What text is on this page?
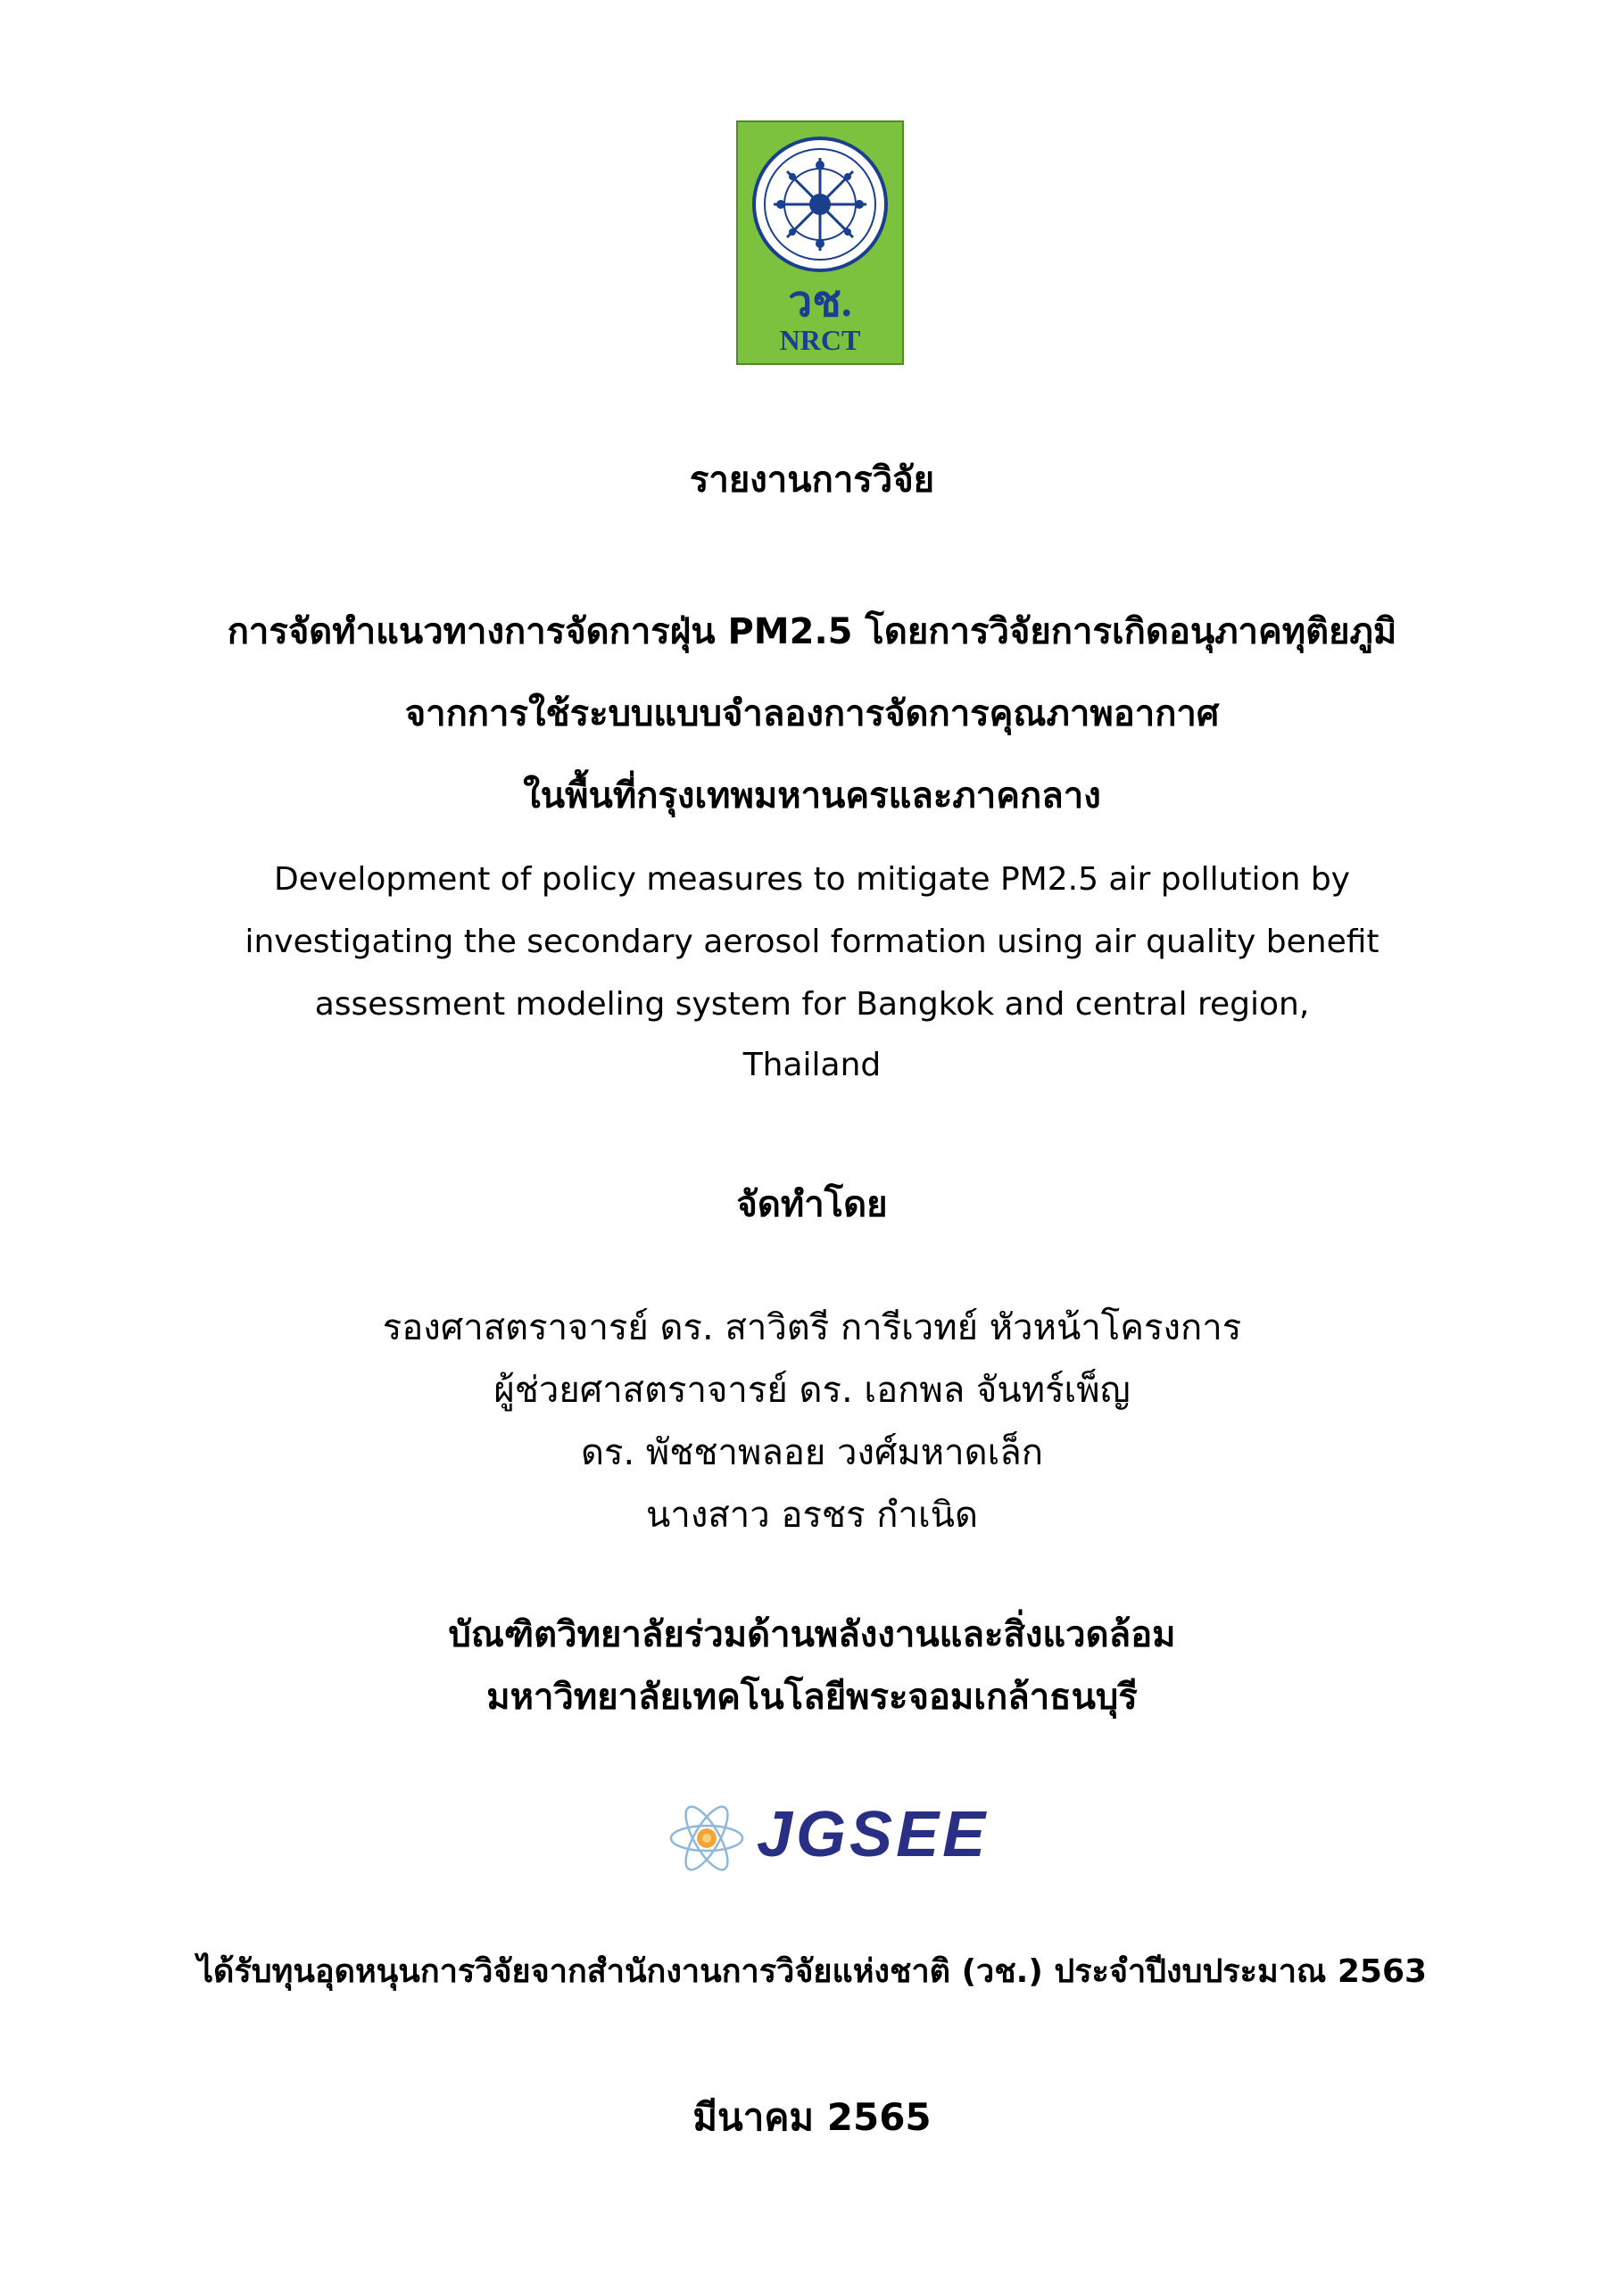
วช.
NRCT
รายงานการวิจัย
การจัดทำแนวทางการจัดการฝุ่น PM2.5 โดยการวิจัยการเกิดอนุภาคทุติยภูมิ
จากการใช้ระบบแบบจำลองการจัดการคุณภาพอากาศ
ในพื้นที่กรุงเทพมหานครและภาคกลาง
Development of policy measures to mitigate PM2.5 air pollution by
investigating the secondary aerosol formation using air quality benefit
assessment modeling system for Bangkok and central region,
Thailand
จัดทำโดย
รองศาสตราจารย์ ดร. สาวิตรี การีเวทย์ หัวหน้าโครงการ
ผู้ช่วยศาสตราจารย์ ดร. เอกพล จันทร์เพ็ญ
ดร. พัชชาพลอย วงศ์มหาดเล็ก
นางสาว อรชร กำเนิด
บัณฑิตวิทยาลัยร่วมด้านพลังงานและสิ่งแวดล้อม
มหาวิทยาลัยเทคโนโลยีพระจอมเกล้าธนบุรี
JGSEE
ได้รับทุนอุดหนุนการวิจัยจากสำนักงานการวิจัยแห่งชาติ (วช.) ประจำปีงบประมาณ 2563
มีนาคม 2565
